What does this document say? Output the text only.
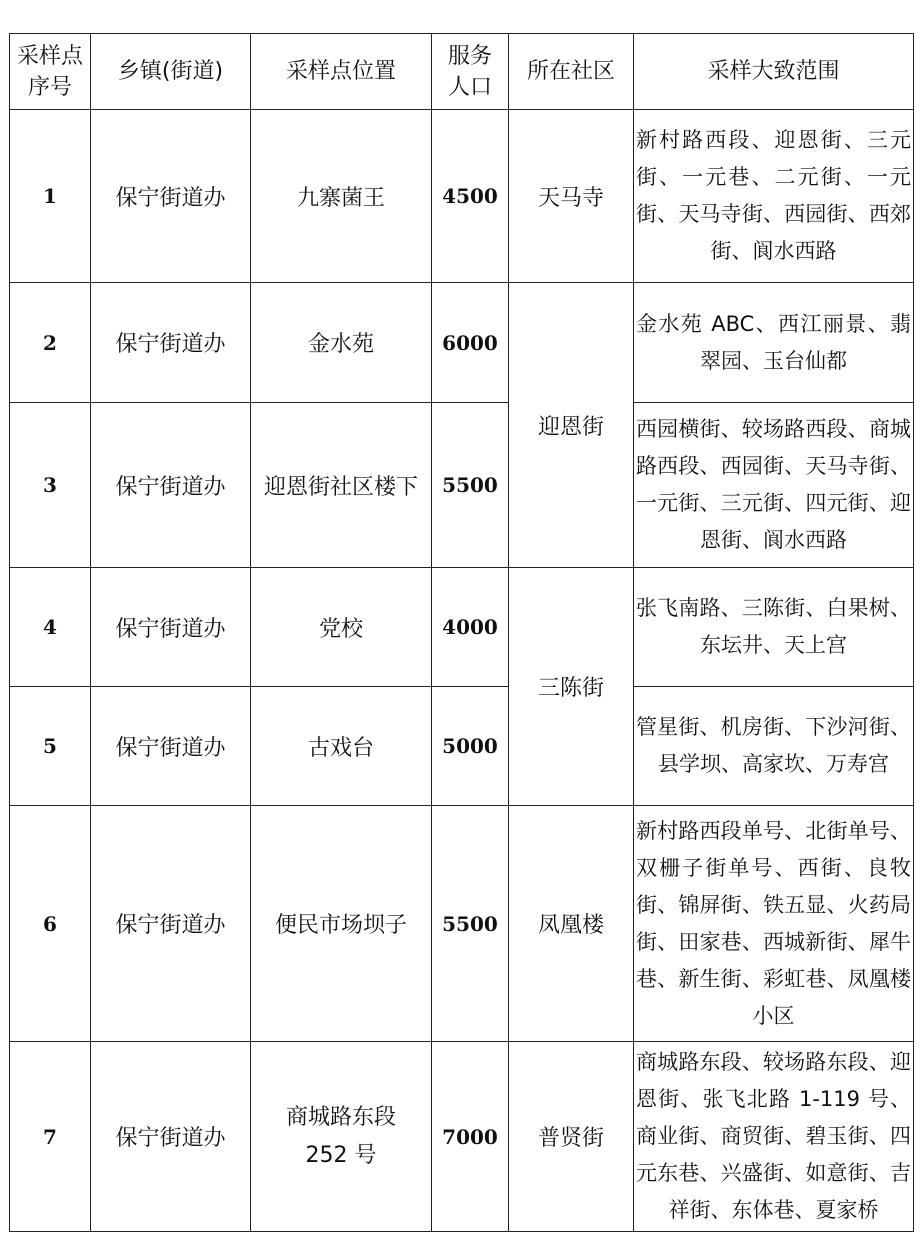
采样点序号	乡镇(街道)	采样点位置	服务人口	所在社区	采样大致范围
1	保宁街道办	九寨菌王	4500	天马寺	新村路西段、迎恩街、三元街、一元巷、二元街、一元街、天马寺街、西园街、西郊街、阆水西路
2	保宁街道办	金水苑	6000	迎恩街	金水苑 ABC、西江丽景、翡翠园、玉台仙都
3	保宁街道办	迎恩街社区楼下	5500		西园横街、较场路西段、商城路西段、西园街、天马寺街、一元街、三元街、四元街、迎恩街、阆水西路
4	保宁街道办	党校	4000	三陈街	张飞南路、三陈街、白果树、东坛井、天上宫
5	保宁街道办	古戏台	5000		管星街、机房街、下沙河街、县学坝、高家坎、万寿宫
6	保宁街道办	便民市场坝子	5500	凤凰楼	新村路西段单号、北街单号、双栅子街单号、西街、良牧街、锦屏街、铁五显、火药局街、田家巷、西城新街、犀牛巷、新生街、彩虹巷、凤凰楼小区
7	保宁街道办	商城路东段 252 号	7000	普贤街	商城路东段、较场路东段、迎恩街、张飞北路 1-119 号、商业街、商贸街、碧玉街、四元东巷、兴盛街、如意街、吉祥街、东体巷、夏家桥
